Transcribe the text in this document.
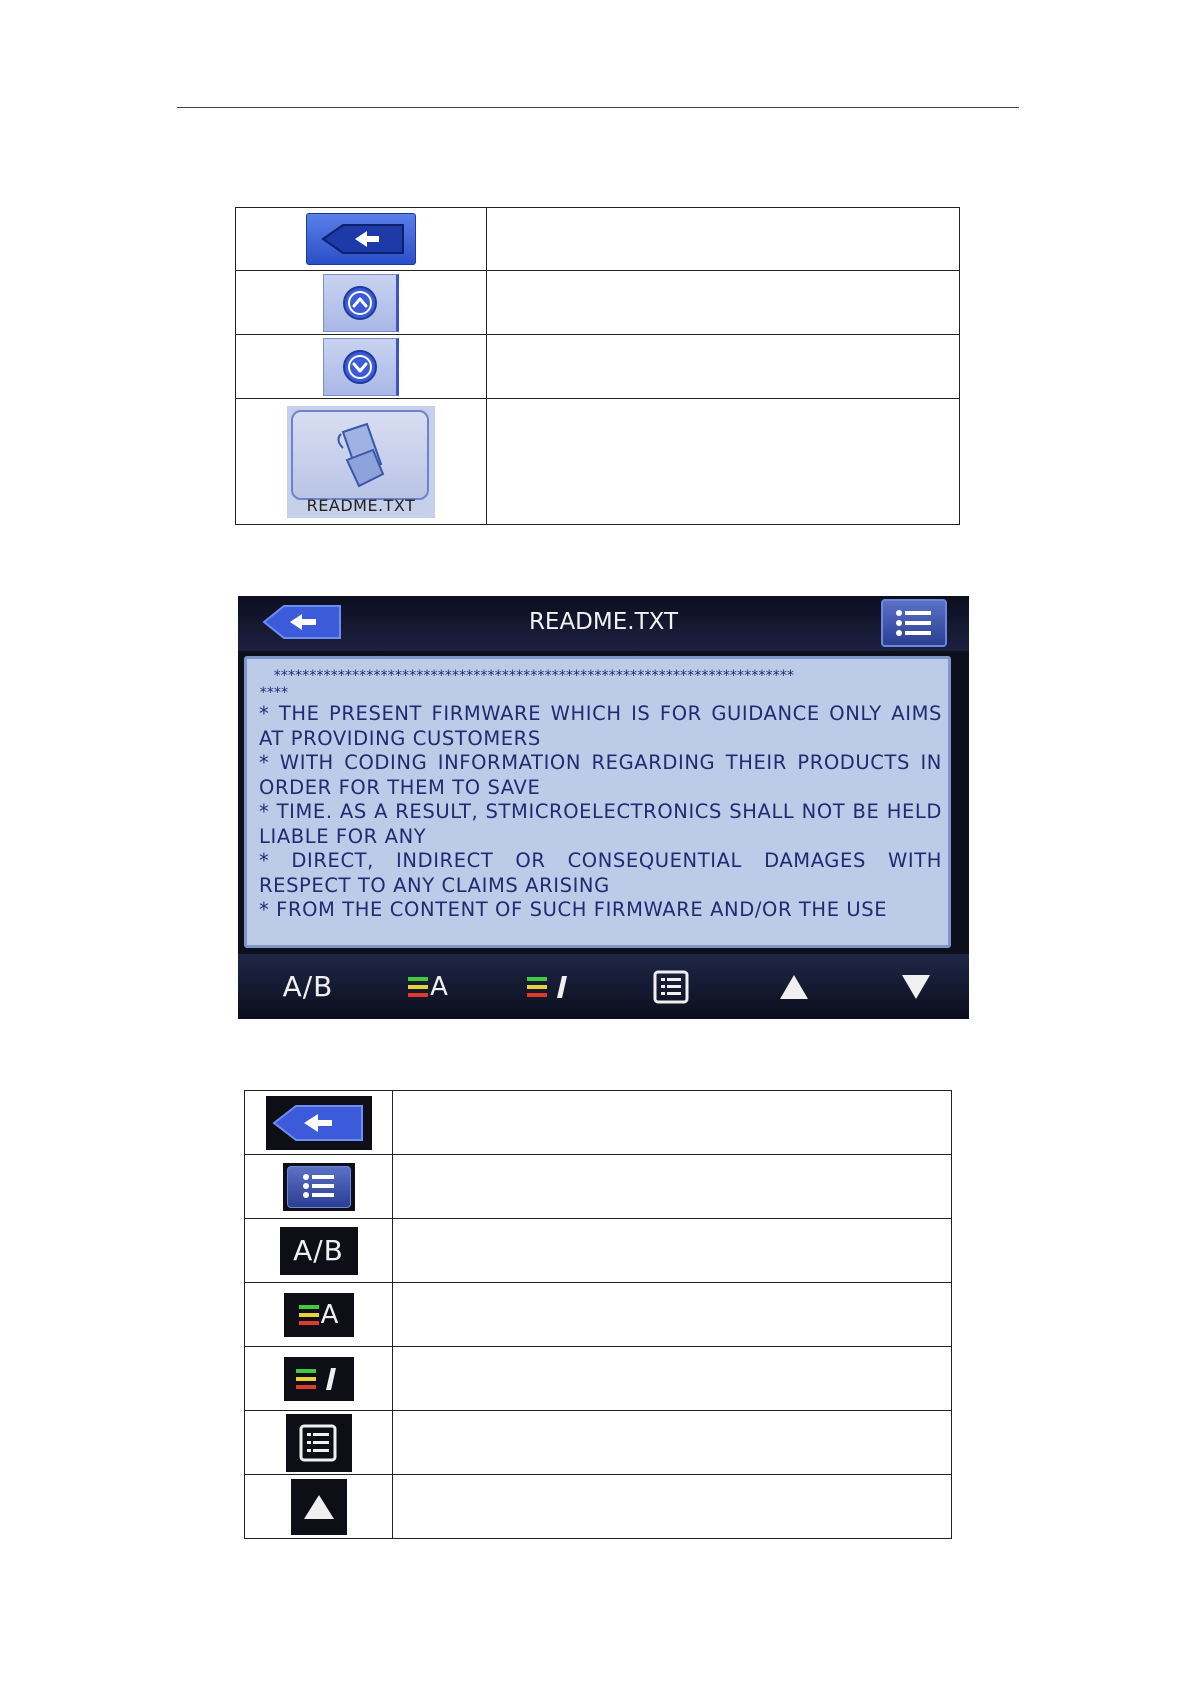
README.TXT	

README.TXT
*************************************************************************
****

* THE PRESENT FIRMWARE WHICH IS FOR GUIDANCE ONLY AIMS AT PROVIDING CUSTOMERS

* WITH CODING INFORMATION REGARDING THEIR PRODUCTS IN ORDER FOR THEM TO SAVE

* TIME. AS A RESULT, STMICROELECTRONICS SHALL NOT BE HELD LIABLE FOR ANY

* DIRECT, INDIRECT OR CONSEQUENTIAL DAMAGES WITH RESPECT TO ANY CLAIMS ARISING

* FROM THE CONTENT OF SUCH FIRMWARE AND/OR THE USE

A/B	A

A/B	

A	
